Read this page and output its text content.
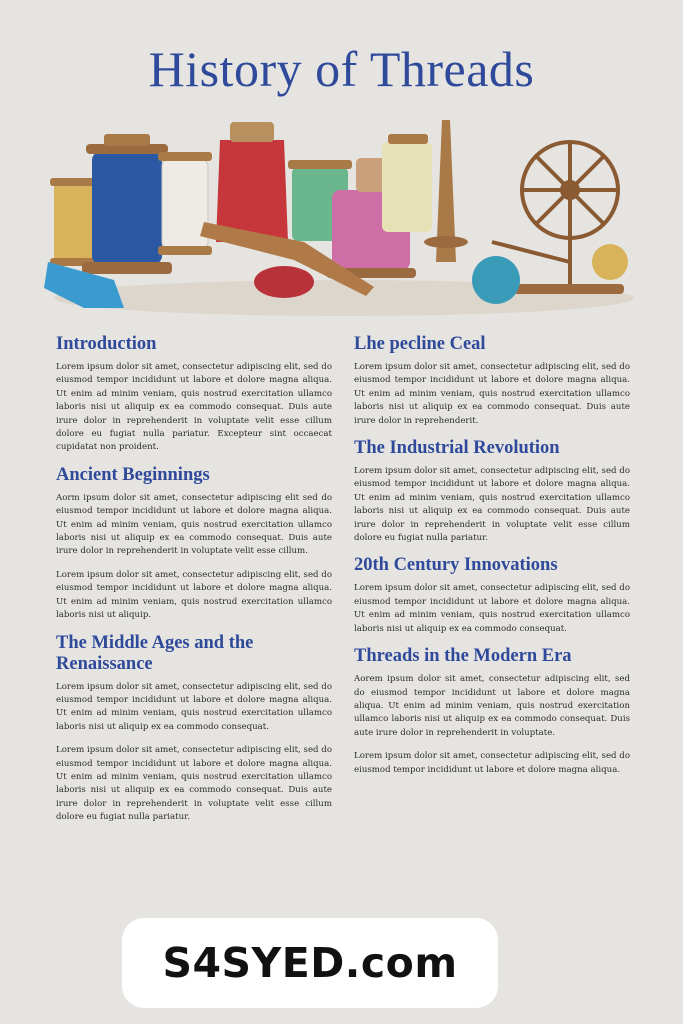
History of Threads
Introduction

Lorem ipsum dolor sit amet, consectetur adipiscing elit, sed do eiusmod tempor incididunt ut labore et dolore magna aliqua. Ut enim ad minim veniam, quis nostrud exercitation ullamco laboris nisi ut aliquip ex ea commodo consequat. Duis aute irure dolor in reprehenderit in voluptate velit esse cillum dolore eu fugiat nulla pariatur. Excepteur sint occaecat cupidatat non proident.

Ancient Beginnings

Aorm ipsum dolor sit amet, consectetur adipiscing elit sed do eiusmod tempor incididunt ut labore et dolore magna aliqua. Ut enim ad minim veniam, quis nostrud exercitation ullamco laboris nisi ut aliquip ex ea commodo consequat. Duis aute irure dolor in reprehenderit in voluptate velit esse cillum.

Lorem ipsum dolor sit amet, consectetur adipiscing elit, sed do eiusmod tempor incididunt ut labore et dolore magna aliqua. Ut enim ad minim veniam, quis nostrud exercitation ullamco laboris nisi ut aliquip.

The Middle Ages and the Renaissance

Lorem ipsum dolor sit amet, consectetur adipiscing elit, sed do eiusmod tempor incididunt ut labore et dolore magna aliqua. Ut enim ad minim veniam, quis nostrud exercitation ullamco laboris nisi ut aliquip ex ea commodo consequat.

Lorem ipsum dolor sit amet, consectetur adipiscing elit, sed do eiusmod tempor incididunt ut labore et dolore magna aliqua. Ut enim ad minim veniam, quis nostrud exercitation ullamco laboris nisi ut aliquip ex ea commodo consequat. Duis aute irure dolor in reprehenderit in voluptate velit esse cillum dolore eu fugiat nulla pariatur.

Lhe pecline Ceal

Lorem ipsum dolor sit amet, consectetur adipiscing elit, sed do eiusmod tempor incididunt ut labore et dolore magna aliqua. Ut enim ad minim veniam, quis nostrud exercitation ullamco laboris nisi ut aliquip ex ea commodo consequat. Duis aute irure dolor in reprehenderit.

The Industrial Revolution

Lorem ipsum dolor sit amet, consectetur adipiscing elit, sed do eiusmod tempor incididunt ut labore et dolore magna aliqua. Ut enim ad minim veniam, quis nostrud exercitation ullamco laboris nisi ut aliquip ex ea commodo consequat. Duis aute irure dolor in reprehenderit in voluptate velit esse cillum dolore eu fugiat nulla pariatur.

20th Century Innovations

Lorem ipsum dolor sit amet, consectetur adipiscing elit, sed do eiusmod tempor incididunt ut labore et dolore magna aliqua. Ut enim ad minim veniam, quis nostrud exercitation ullamco laboris nisi ut aliquip ex ea commodo consequat.

Threads in the Modern Era

Aorem ipsum dolor sit amet, consectetur adipiscing elit, sed do eiusmod tempor incididunt ut labore et dolore magna aliqua. Ut enim ad minim veniam, quis nostrud exercitation ullamco laboris nisi ut aliquip ex ea commodo consequat. Duis aute irure dolor in reprehenderit in voluptate.

Lorem ipsum dolor sit amet, consectetur adipiscing elit, sed do eiusmod tempor incididunt ut labore et dolore magna aliqua.

S4SYED.com
